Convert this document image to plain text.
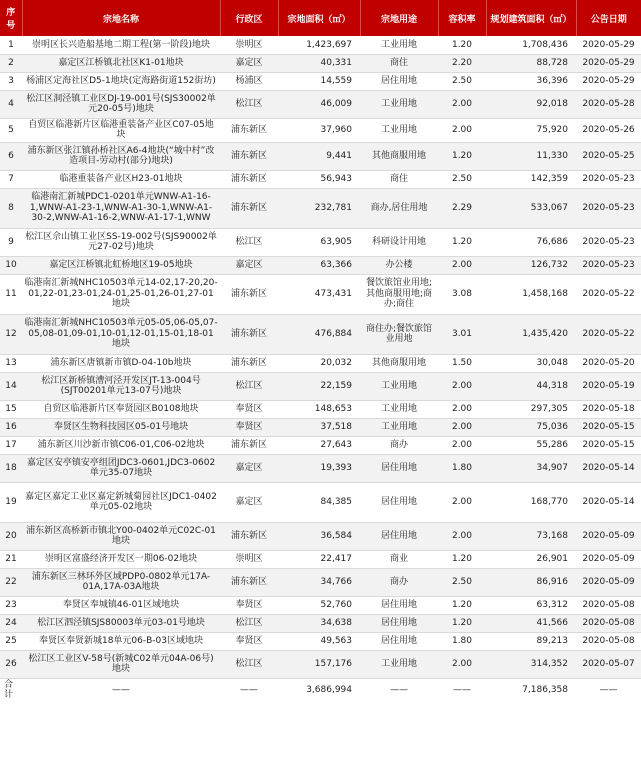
序号	宗地名称	行政区	宗地面积（㎡）	宗地用途	容积率	规划建筑面积（㎡）	公告日期
1	崇明区长兴造船基地二期工程(第一阶段)地块	崇明区	1,423,697	工业用地	1.20	1,708,436	2020-05-29
2	嘉定区江桥镇北社区K1-01地块	嘉定区	40,331	商住	2.20	88,728	2020-05-29
3	杨浦区定海社区D5-1地块(定海路街道152街坊)	杨浦区	14,559	居住用地	2.50	36,396	2020-05-29
4	松江区洞泾镇工业区DJ-19-001号(SJS30002单元20-05号)地块	松江区	46,009	工业用地	2.00	92,018	2020-05-28
5	自贸区临港新片区临港重装备产业区C07-05地块	浦东新区	37,960	工业用地	2.00	75,920	2020-05-26
6	浦东新区张江镇孙桥社区A6-4地块(“城中村”改造项目-劳动村(部分)地块)	浦东新区	9,441	其他商服用地	1.20	11,330	2020-05-25
7	临港重装备产业区H23-01地块	浦东新区	56,943	商住	2.50	142,359	2020-05-23
8	临港南汇新城PDC1-0201单元WNW-A1-16-1,WNW-A1-23-1,WNW-A1-30-1,WNW-A1-30-2,WNW-A1-16-2,WNW-A1-17-1,WNW	浦东新区	232,781	商办,居住用地	2.29	533,067	2020-05-23
9	松江区佘山镇工业区SS-19-002号(SJS90002单元27-02号)地块	松江区	63,905	科研设计用地	1.20	76,686	2020-05-23
10	嘉定区江桥镇北虹桥地区19-05地块	嘉定区	63,366	办公楼	2.00	126,732	2020-05-23
11	临港南汇新城NHC10503单元14-02,17-20,20-01,22-01,23-01,24-01,25-01,26-01,27-01地块	浦东新区	473,431	餐饮旅馆业用地;其他商服用地;商办;商住	3.08	1,458,168	2020-05-22
12	临港南汇新城NHC10503单元05-05,06-05,07-05,08-01,09-01,10-01,12-01,15-01,18-01地块	浦东新区	476,884	商住办;餐饮旅馆业用地	3.01	1,435,420	2020-05-22
13	浦东新区唐镇新市镇D-04-10b地块	浦东新区	20,032	其他商服用地	1.50	30,048	2020-05-20
14	松江区新桥镇漕河泾开发区JT-13-004号(SJT00201单元13-07号)地块	松江区	22,159	工业用地	2.00	44,318	2020-05-19
15	自贸区临港新片区奉贤园区B0108地块	奉贤区	148,653	工业用地	2.00	297,305	2020-05-18
16	奉贤区生物科技园区05-01号地块	奉贤区	37,518	工业用地	2.00	75,036	2020-05-15
17	浦东新区川沙新市镇C06-01,C06-02地块	浦东新区	27,643	商办	2.00	55,286	2020-05-15
18	嘉定区安亭镇安亭组团JDC3-0601,JDC3-0602单元35-07地块	嘉定区	19,393	居住用地	1.80	34,907	2020-05-14
19	嘉定区嘉定工业区嘉定新城菊园社区JDC1-0402单元05-02地块	嘉定区	84,385	居住用地	2.00	168,770	2020-05-14
20	浦东新区高桥新市镇北Y00-0402单元C02C-01地块	浦东新区	36,584	居住用地	2.00	73,168	2020-05-09
21	崇明区富盛经济开发区一期06-02地块	崇明区	22,417	商业	1.20	26,901	2020-05-09
22	浦东新区三林环外区域PDP0-0802单元17A-01A,17A-03A地块	浦东新区	34,766	商办	2.50	86,916	2020-05-09
23	奉贤区奉城镇46-01区域地块	奉贤区	52,760	居住用地	1.20	63,312	2020-05-08
24	松江区泗泾镇SJS80003单元03-01号地块	松江区	34,638	居住用地	1.20	41,566	2020-05-08
25	奉贤区奉贤新城18单元06-B-03区域地块	奉贤区	49,563	居住用地	1.80	89,213	2020-05-08
26	松江区工业区V-58号(新城C02单元04A-06号)地块	松江区	157,176	工业用地	2.00	314,352	2020-05-07
合计	——	——	3,686,994	——	——	7,186,358	——
